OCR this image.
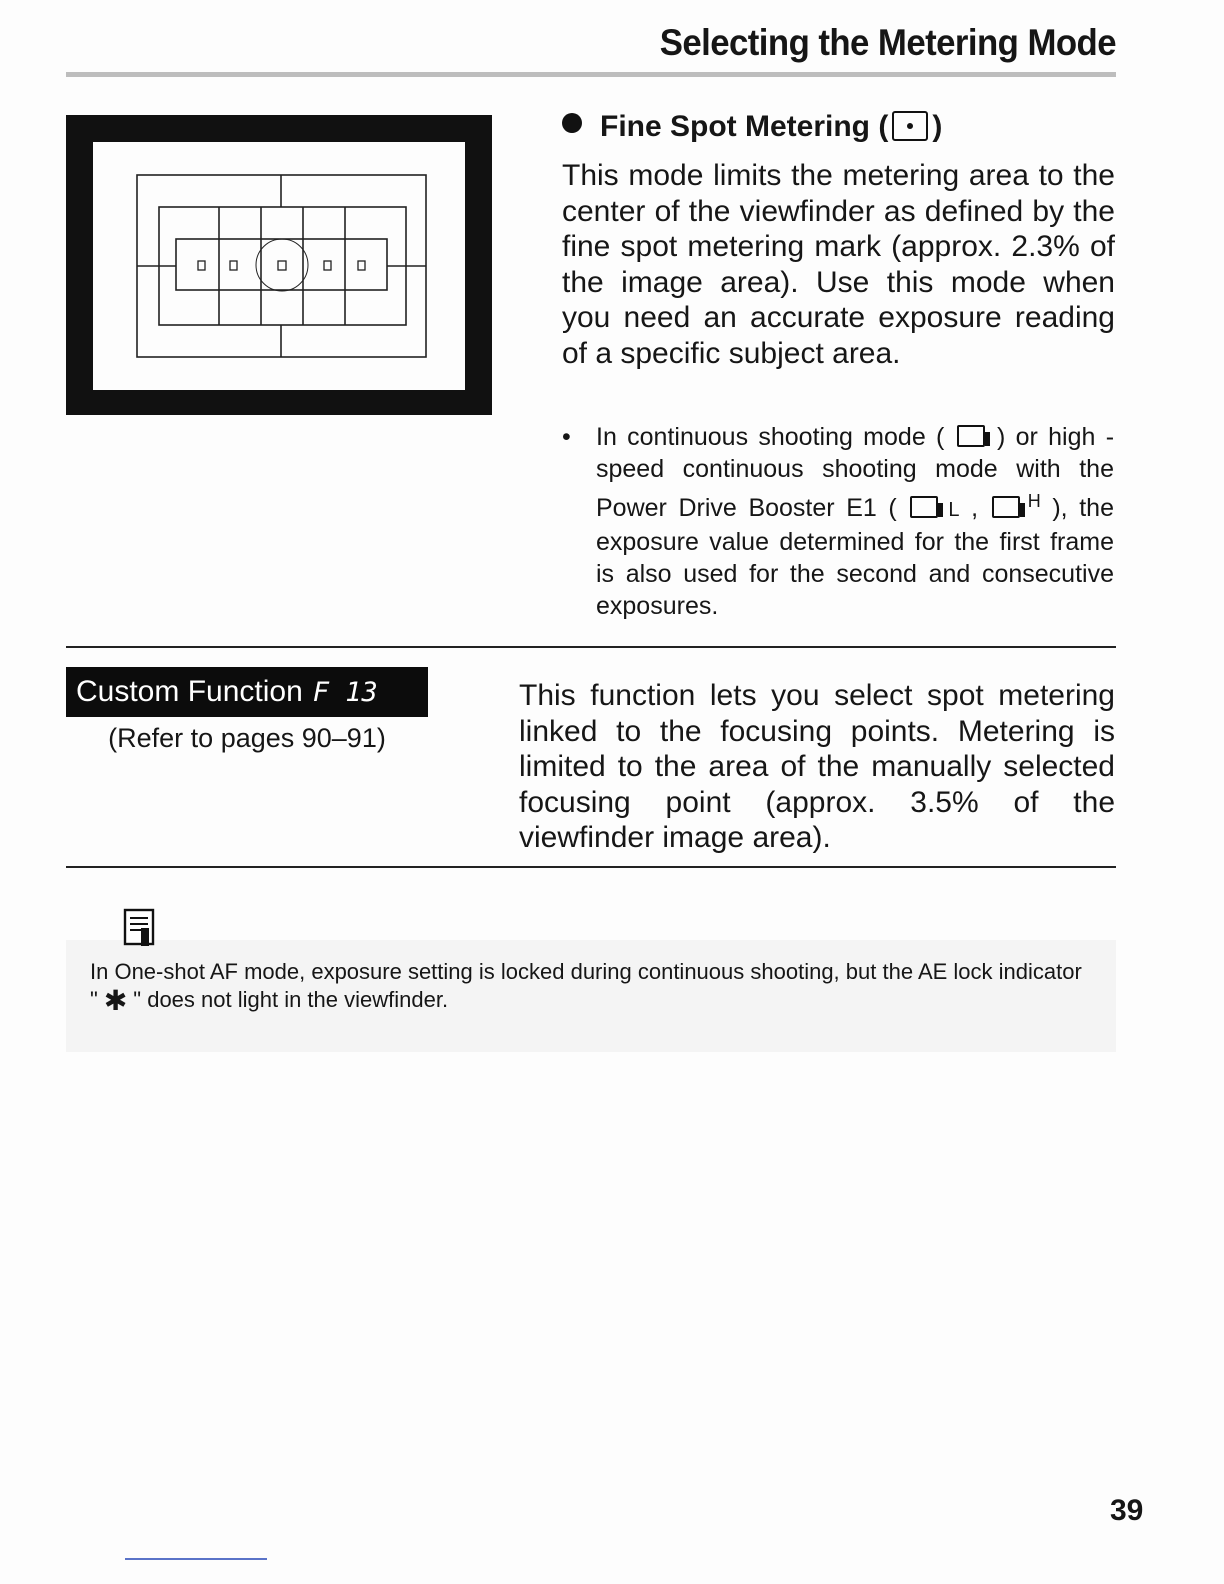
Selecting the Metering Mode
Fine Spot Metering ( )

This mode limits the metering area to the center of the viewfinder as defined by the fine spot metering mark (approx. 2.3% of the image area). Use this mode when you need an accurate exposure reading of a specific subject area.

• In continuous shooting mode ( ) or high - speed continuous shooting mode with the Power Drive Booster E1 (	L ,	$^H$ ), the exposure value determined for the first frame is also used for the second and consecutive exposures.

Custom Function F 13
(Refer to pages 90–91)

This function lets you select spot metering linked to the focusing points. Metering is limited to the area of the manually selected focusing point (approx. 3.5% of the viewfinder image area).

In One-shot AF mode, exposure setting is locked during continuous shooting, but the AE lock indicator " ✱ " does not light in the viewfinder.

39
